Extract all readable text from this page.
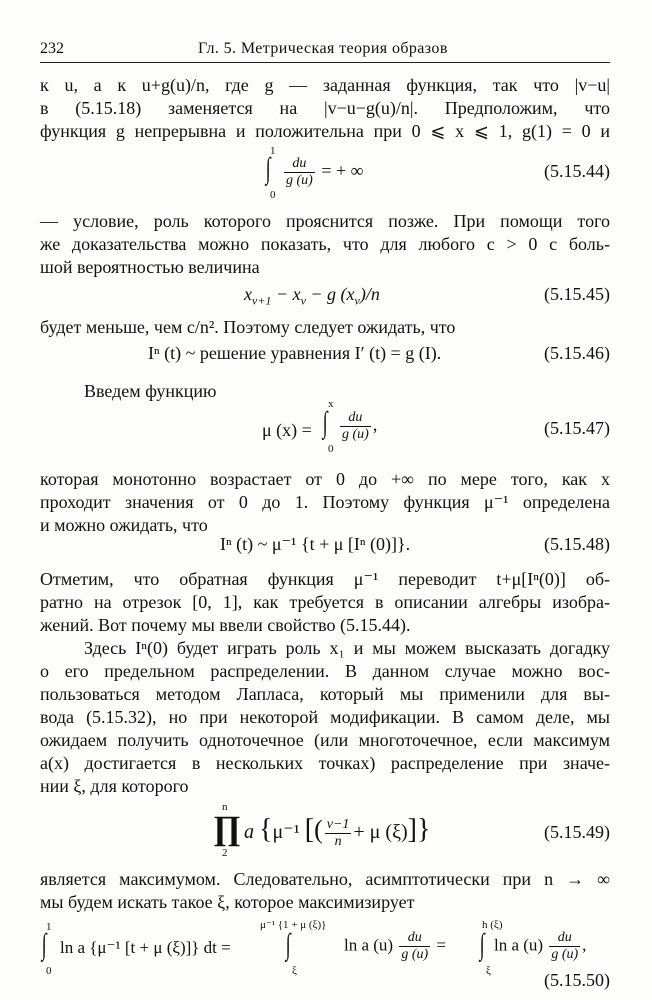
232	Гл. 5. Метрическая теория образов
к u, а к u+g(u)/n, где g — заданная функция, так что |v−u|
в (5.15.18) заменяется на |v−u−g(u)/n|. Предположим, что
функция g непрерывна и положительна при 0 ⩽ x ⩽ 1, g(1) = 0 и
1
∫
0
$\frac{du}{g (u)}$ = + ∞	(5.15.44)
— условие, роль которого прояснится позже. При помощи того
же доказательства можно показать, что для любого c > 0 с боль-
шой вероятностью величина
$x_{v+1} - x_v - g$ $(x_v)/n$	(5.15.45)
будет меньше, чем c/n². Поэтому следует ожидать, что
Iⁿ (t) ~ решение уравнения I′ (t) = g (I).	(5.15.46)
Введем функцию
μ (x) =
x
∫
0
$\frac{du}{g (u)}$ ,	(5.15.47)
которая монотонно возрастает от 0 до +∞ по мере того, как x
проходит значения от 0 до 1. Поэтому функция μ⁻¹ определена
и можно ожидать, что
Iⁿ (t) ~ μ⁻¹ {t + μ [Iⁿ (0)]}.	(5.15.48)
Отметим, что обратная функция μ⁻¹ переводит t+μ[Iⁿ(0)] об-
ратно на отрезок [0, 1], как требуется в описании алгебры изобра-
жений. Вот почему мы ввели свойство (5.15.44).
Здесь Iⁿ(0) будет играть роль x₁ и мы можем высказать догадку
о его предельном распределении. В данном случае можно вос-
пользоваться методом Лапласа, который мы применили для вы-
вода (5.15.32), но при некоторой модификации. В самом деле, мы
ожидаем получить одноточечное (или многоточечное, если максимум
a(x) достигается в нескольких точках) распределение при значе-
нии ξ, для которого
n
∏
2
a {μ⁻¹ [( $\frac{v-1}{n} + \mu$ (ξ)]}	(5.15.49)
является максимумом. Следовательно, асимптотически при n → ∞
мы будем искать такое ξ, которое максимизирует
1
∫
0
ln a {μ⁻¹ [t + μ (ξ)]} dt =
μ⁻¹ {1 + μ (ξ)}
∫
ξ
ln a $(u) \frac{du}{g (u)}$ =
h (ξ)
∫
ξ
ln a $(u) \frac{du}{g (u)}$ ,
(5.15.50)
